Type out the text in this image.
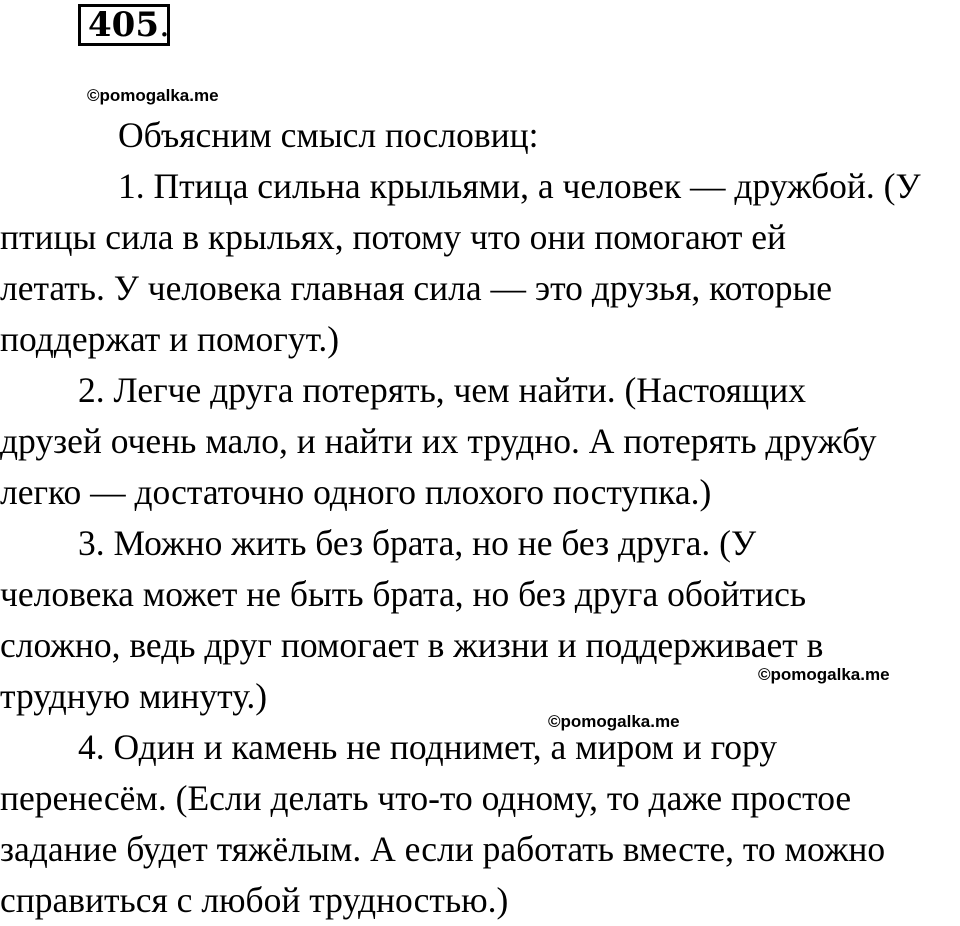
405.
©pomogalka.me
Объясним смысл пословиц:
1. Птица сильна крыльями, а человек — дружбой. (У
птицы сила в крыльях, потому что они помогают ей
летать. У человека главная сила — это друзья, которые
поддержат и помогут.)
2. Легче друга потерять, чем найти. (Настоящих
друзей очень мало, и найти их трудно. А потерять дружбу
легко — достаточно одного плохого поступка.)
3. Можно жить без брата, но не без друга. (У
человека может не быть брата, но без друга обойтись
сложно, ведь друг помогает в жизни и поддерживает в
трудную минуту.)
4. Один и камень не поднимет, а миром и гору
перенесём. (Если делать что-то одному, то даже простое
задание будет тяжёлым. А если работать вместе, то можно
справиться с любой трудностью.)
©pomogalka.me
©pomogalka.me
